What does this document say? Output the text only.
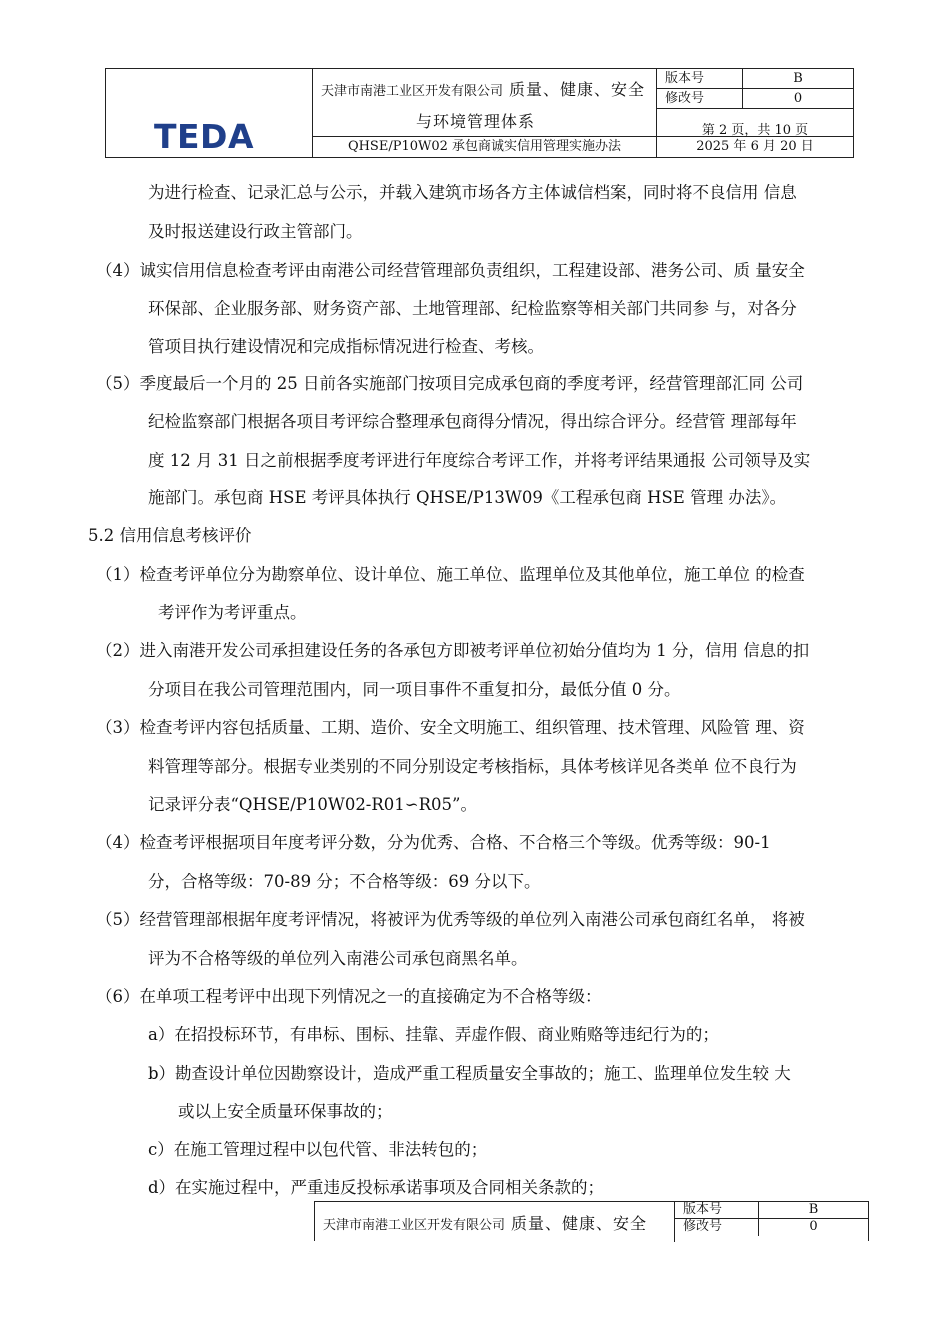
TEDA
天津市南港工业区开发有限公司 质量、健康、安全
与环境管理体系
QHSE/P10W02 承包商诚实信用管理实施办法
版本号	B
修改号	0
第 2 页，共 10 页
2025 年 6 月 20 日
为进行检查、记录汇总与公示，并载入建筑市场各方主体诚信档案，同时将不良信用 信息
及时报送建设行政主管部门。
（4）诚实信用信息检查考评由南港公司经营管理部负责组织，工程建设部、港务公司、质 量安全
环保部、企业服务部、财务资产部、土地管理部、纪检监察等相关部门共同参 与，对各分
管项目执行建设情况和完成指标情况进行检查、考核。
（5）季度最后一个月的 25 日前各实施部门按项目完成承包商的季度考评，经营管理部汇同 公司
纪检监察部门根据各项目考评综合整理承包商得分情况，得出综合评分。经营管 理部每年
度 12 月 31 日之前根据季度考评进行年度综合考评工作，并将考评结果通报 公司领导及实
施部门。承包商 HSE 考评具体执行 QHSE/P13W09《工程承包商 HSE 管理 办法》。
5.2 信用信息考核评价
（1）检查考评单位分为勘察单位、设计单位、施工单位、监理单位及其他单位，施工单位 的检查
考评作为考评重点。
（2）进入南港开发公司承担建设任务的各承包方即被考评单位初始分值均为 1 分，信用 信息的扣
分项目在我公司管理范围内，同一项目事件不重复扣分，最低分值 0 分。
（3）检查考评内容包括质量、工期、造价、安全文明施工、组织管理、技术管理、风险管 理、资
料管理等部分。根据专业类别的不同分别设定考核指标，具体考核详见各类单 位不良行为
记录评分表“QHSE/P10W02-R01∽R05”。
（4）检查考评根据项目年度考评分数，分为优秀、合格、不合格三个等级。优秀等级：90-1
分，合格等级：70-89 分；不合格等级：69 分以下。
（5）经营管理部根据年度考评情况，将被评为优秀等级的单位列入南港公司承包商红名单， 将被
评为不合格等级的单位列入南港公司承包商黑名单。
（6）在单项工程考评中出现下列情况之一的直接确定为不合格等级：
a）在招投标环节，有串标、围标、挂靠、弄虚作假、商业贿赂等违纪行为的；
b）勘查设计单位因勘察设计，造成严重工程质量安全事故的；施工、监理单位发生较 大
或以上安全质量环保事故的；
c）在施工管理过程中以包代管、非法转包的；
d）在实施过程中，严重违反投标承诺事项及合同相关条款的；
天津市南港工业区开发有限公司 质量、健康、安全
版本号	B
修改号	0
